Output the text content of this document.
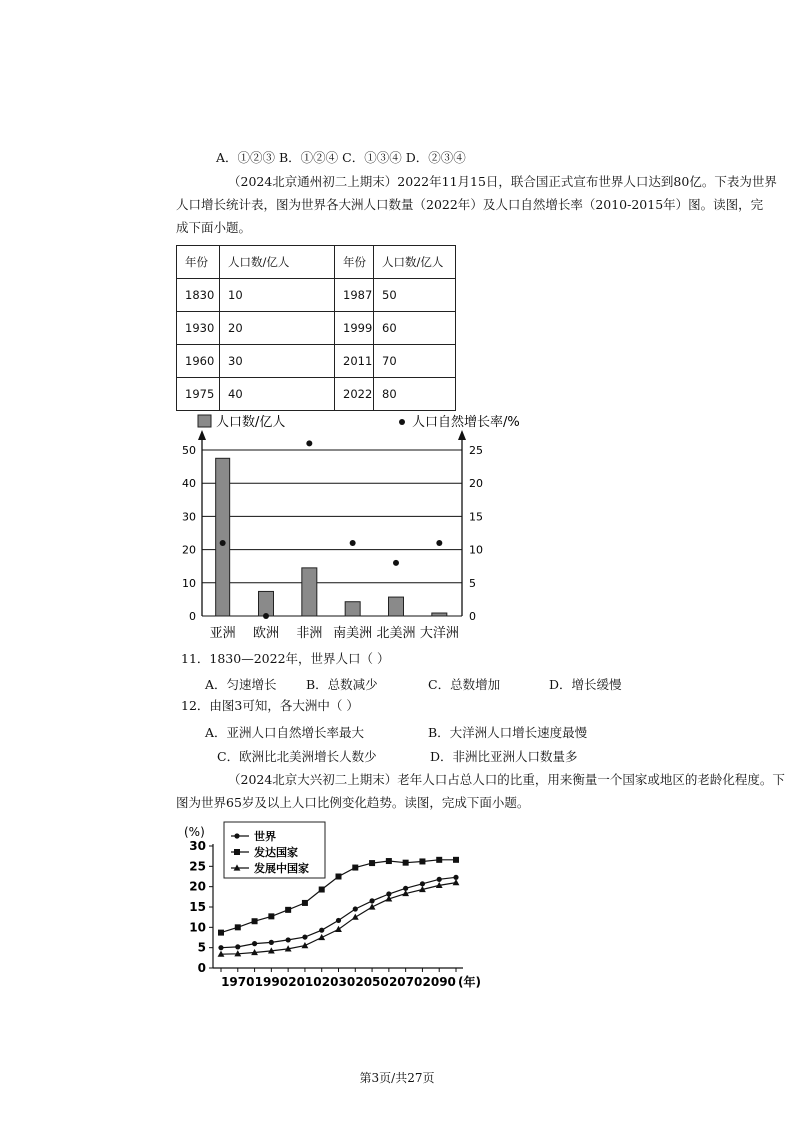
A．①②③ B．①②④ C．①③④ D．②③④
（2024北京通州初二上期末）2022年11月15日，联合国正式宣布世界人口达到80亿。下表为世界
人口增长统计表，图为世界各大洲人口数量（2022年）及人口自然增长率（2010-2015年）图。读图，完
成下面小题。
年份	人口数/亿人	年份	人口数/亿人
1830	10	1987	50
1930	20	1999	60
1960	30	2011	70
1975	40	2022	80
人口数/亿人	人口自然增长率/%
0
10
20
30
40
50
0
5
10
15
20
25
亚洲 欧洲 非洲 南美洲 北美洲 大洋洲
11．1830—2022年，世界人口（ ）
A．匀速增长 B．总数减少	C．总数增加	D．增长缓慢
12．由图3可知，各大洲中（ ）
A．亚洲人口自然增长率最大	B．大洋洲人口增长速度最慢
C．欧洲比北美洲增长人数少	D．非洲比亚洲人口数量多
（2024北京大兴初二上期末）老年人口占总人口的比重，用来衡量一个国家或地区的老龄化程度。下
图为世界65岁及以上人口比例变化趋势。读图，完成下面小题。
(%)	世界
发达国家
发展中国家
0
5
10
15
20
25
30
1970 1990 2010 2030 2050 2070 2090 (年)
第3页/共27页
